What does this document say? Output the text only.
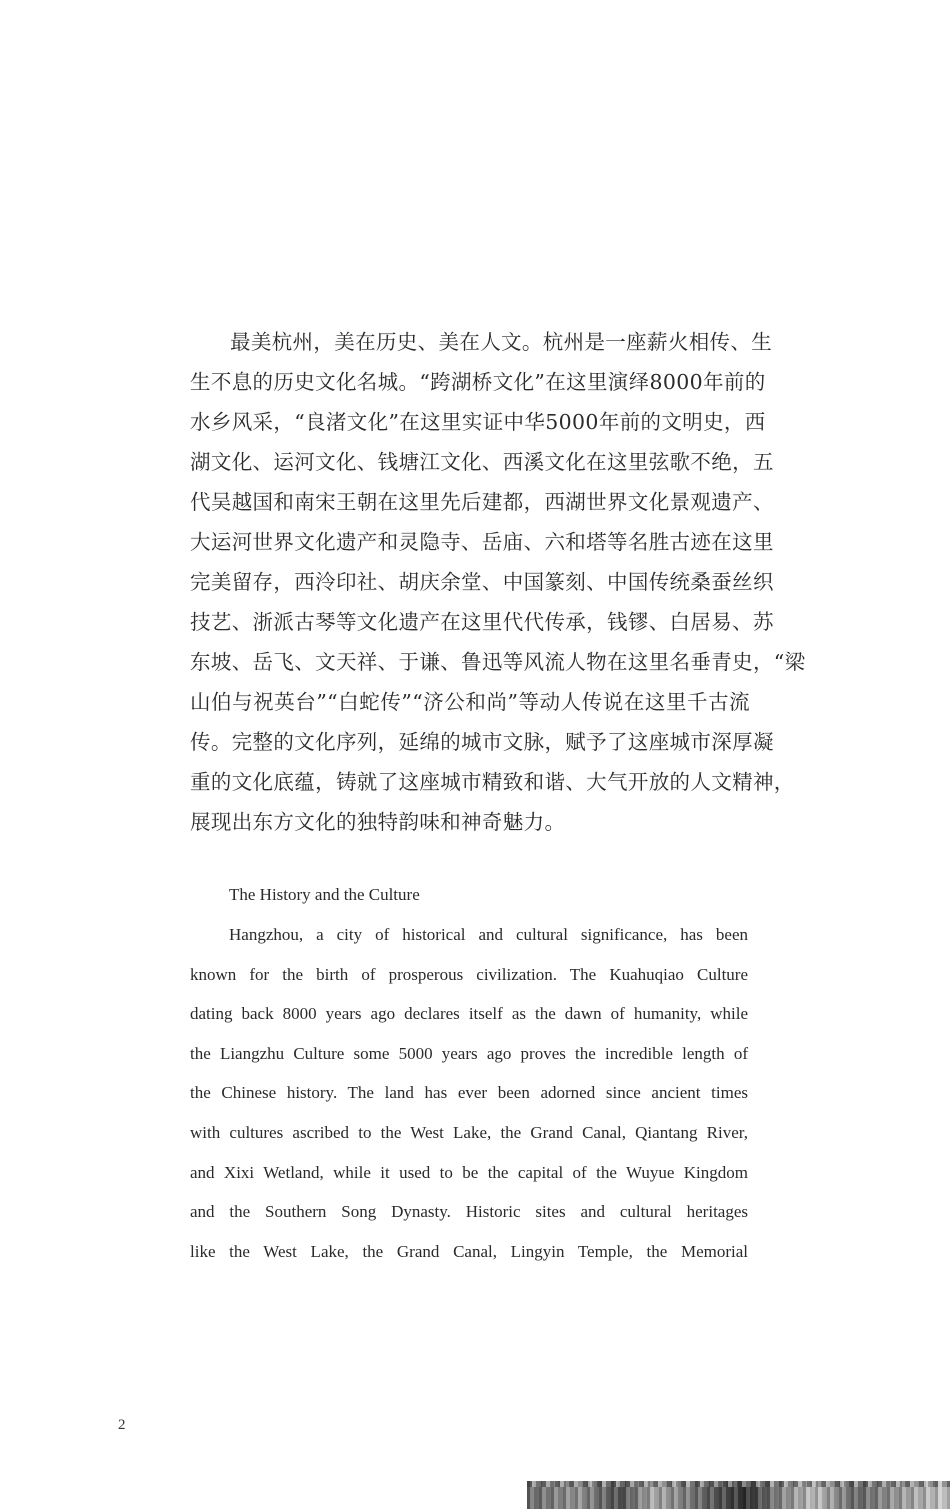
最美杭州，美在历史、美在人文。杭州是一座薪火相传、生
生不息的历史文化名城。“跨湖桥文化”在这里演绎8000年前的
水乡风采，“良渚文化”在这里实证中华5000年前的文明史，西
湖文化、运河文化、钱塘江文化、西溪文化在这里弦歌不绝，五
代吴越国和南宋王朝在这里先后建都，西湖世界文化景观遗产、
大运河世界文化遗产和灵隐寺、岳庙、六和塔等名胜古迹在这里
完美留存，西泠印社、胡庆余堂、中国篆刻、中国传统桑蚕丝织
技艺、浙派古琴等文化遗产在这里代代传承，钱镠、白居易、苏
东坡、岳飞、文天祥、于谦、鲁迅等风流人物在这里名垂青史，“梁
山伯与祝英台”“白蛇传”“济公和尚”等动人传说在这里千古流
传。完整的文化序列，延绵的城市文脉，赋予了这座城市深厚凝
重的文化底蕴，铸就了这座城市精致和谐、大气开放的人文精神，
展现出东方文化的独特韵味和神奇魅力。
The History and the Culture
Hangzhou, a city of historical and cultural significance, has been
known for the birth of prosperous civilization. The Kuahuqiao Culture
dating back 8000 years ago declares itself as the dawn of humanity, while
the Liangzhu Culture some 5000 years ago proves the incredible length of
the Chinese history. The land has ever been adorned since ancient times
with cultures ascribed to the West Lake, the Grand Canal, Qiantang River,
and Xixi Wetland, while it used to be the capital of the Wuyue Kingdom
and the Southern Song Dynasty. Historic sites and cultural heritages
like the West Lake, the Grand Canal, Lingyin Temple, the Memorial
2
